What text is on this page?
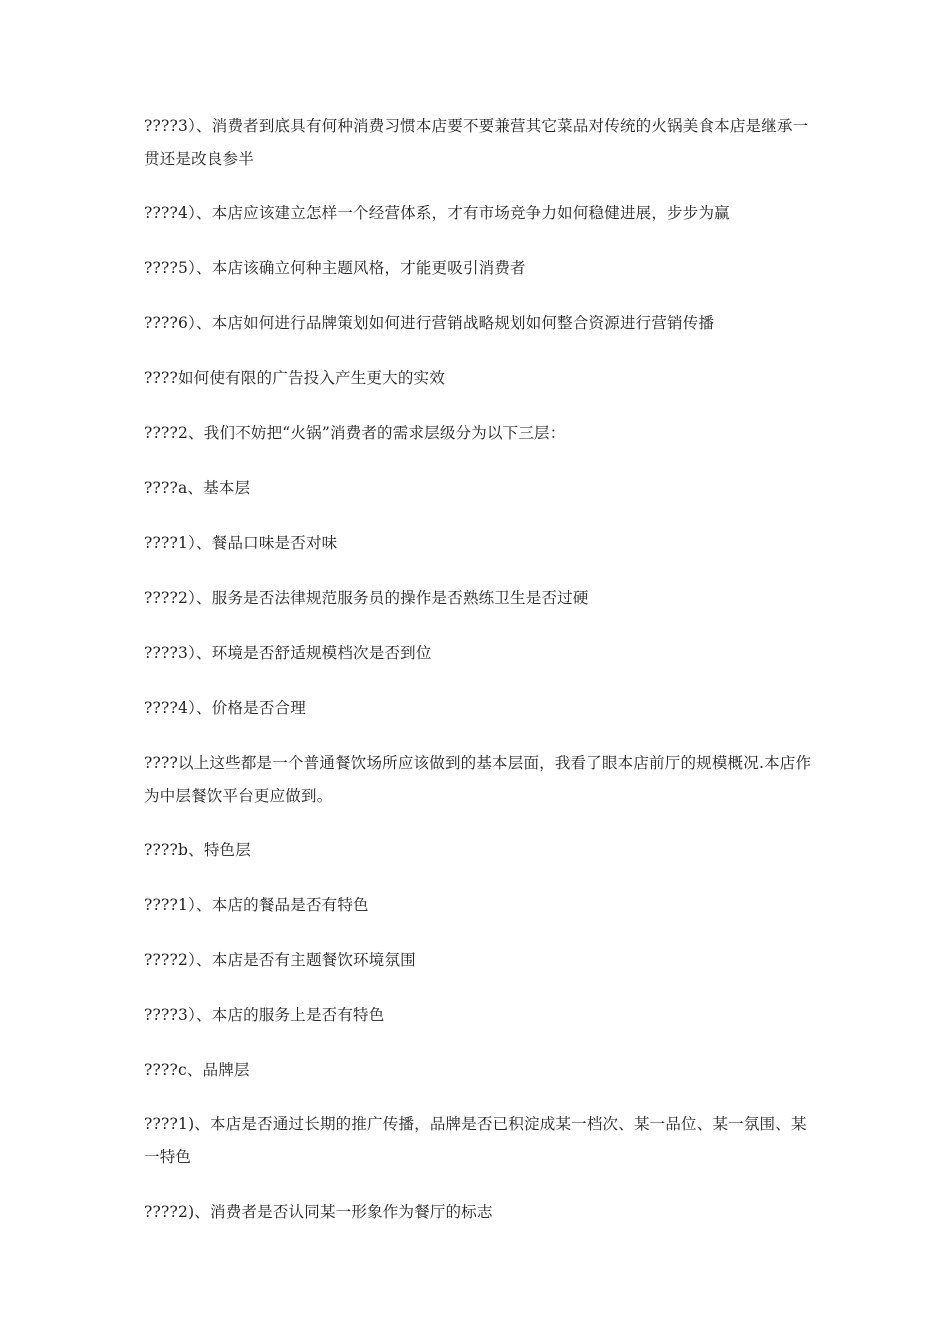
????3）、消费者到底具有何种消费习惯本店要不要兼营其它菜品对传统的火锅美食本店是继承一贯还是改良参半

????4）、本店应该建立怎样一个经营体系，才有市场竞争力如何稳健进展，步步为赢

????5）、本店该确立何种主题风格，才能更吸引消费者

????6）、本店如何进行品牌策划如何进行营销战略规划如何整合资源进行营销传播

????如何使有限的广告投入产生更大的实效

????2、我们不妨把“火锅”消费者的需求层级分为以下三层：

????a、基本层

????1）、餐品口味是否对味

????2）、服务是否法律规范服务员的操作是否熟练卫生是否过硬

????3）、环境是否舒适规模档次是否到位

????4）、价格是否合理

????以上这些都是一个普通餐饮场所应该做到的基本层面，我看了眼本店前厅的规模概况.本店作为中层餐饮平台更应做到。

????b、特色层

????1）、本店的餐品是否有特色

????2）、本店是否有主题餐饮环境氛围

????3）、本店的服务上是否有特色

????c、品牌层

????1)、本店是否通过长期的推广传播，品牌是否已积淀成某一档次、某一品位、某一氛围、某一特色

????2)、消费者是否认同某一形象作为餐厅的标志
